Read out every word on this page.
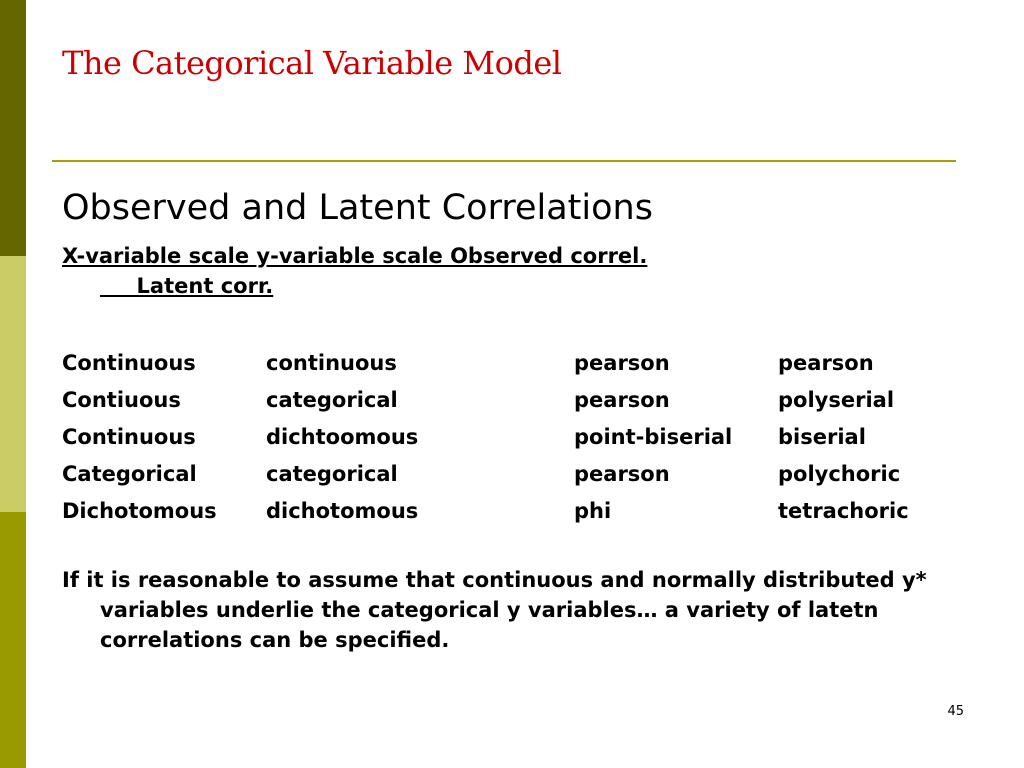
The Categorical Variable Model
Observed and Latent Correlations
X-variable scale y-variable scale Observed correl.
Latent corr.
Continuous	continuous	pearson	pearson
Contiuous	categorical	pearson	polyserial
Continuous	dichtoomous	point-biserial	biserial
Categorical	categorical	pearson	polychoric
Dichotomous	dichotomous	phi	tetrachoric
If it is reasonable to assume that continuous and normally distributed y* variables underlie the categorical y variables… a variety of latetn correlations can be specified.
45
